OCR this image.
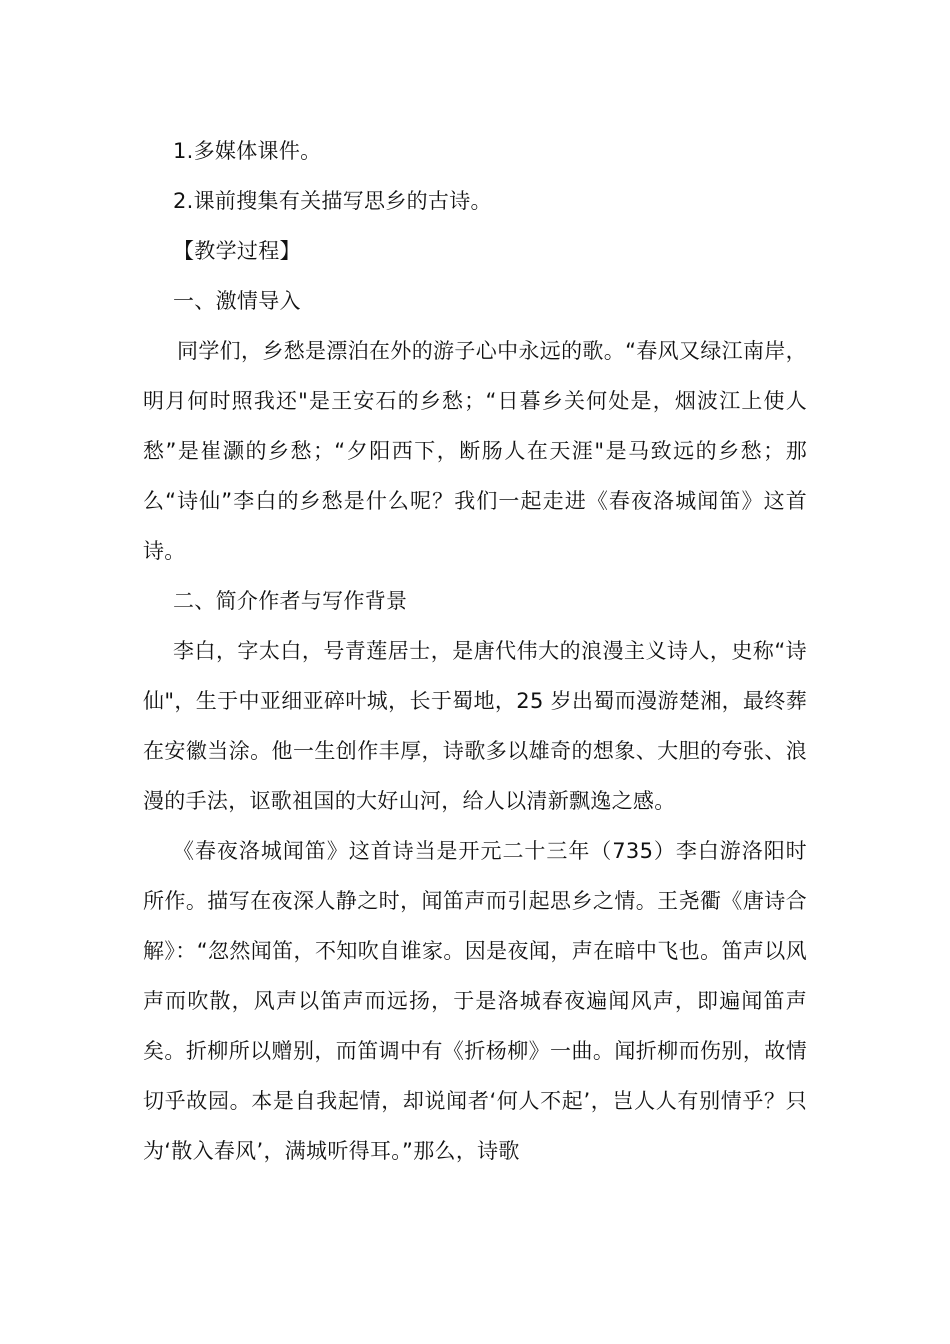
1.多媒体课件。

2.课前搜集有关描写思乡的古诗。

【教学过程】

一、激情导入

同学们，乡愁是漂泊在外的游子心中永远的歌。“春风又绿江南岸，明月何时照我还"是王安石的乡愁；“日暮乡关何处是，烟波江上使人愁”是崔灏的乡愁；“夕阳西下，断肠人在天涯"是马致远的乡愁；那么“诗仙”李白的乡愁是什么呢？我们一起走进《春夜洛城闻笛》这首诗。

二、简介作者与写作背景

李白，字太白，号青莲居士，是唐代伟大的浪漫主义诗人，史称“诗仙"，生于中亚细亚碎叶城，长于蜀地，25 岁出蜀而漫游楚湘，最终葬在安徽当涂。他一生创作丰厚，诗歌多以雄奇的想象、大胆的夸张、浪漫的手法，讴歌祖国的大好山河，给人以清新飘逸之感。

《春夜洛城闻笛》这首诗当是开元二十三年（735）李白游洛阳时所作。描写在夜深人静之时，闻笛声而引起思乡之情。王尧衢《唐诗合解》：“忽然闻笛，不知吹自谁家。因是夜闻，声在暗中飞也。笛声以风声而吹散，风声以笛声而远扬，于是洛城春夜遍闻风声，即遍闻笛声矣。折柳所以赠别，而笛调中有《折杨柳》一曲。闻折柳而伤别，故情切乎故园。本是自我起情，却说闻者‘何人不起’，岂人人有别情乎？只为‘散入春风’，满城听得耳。”那么，诗歌
